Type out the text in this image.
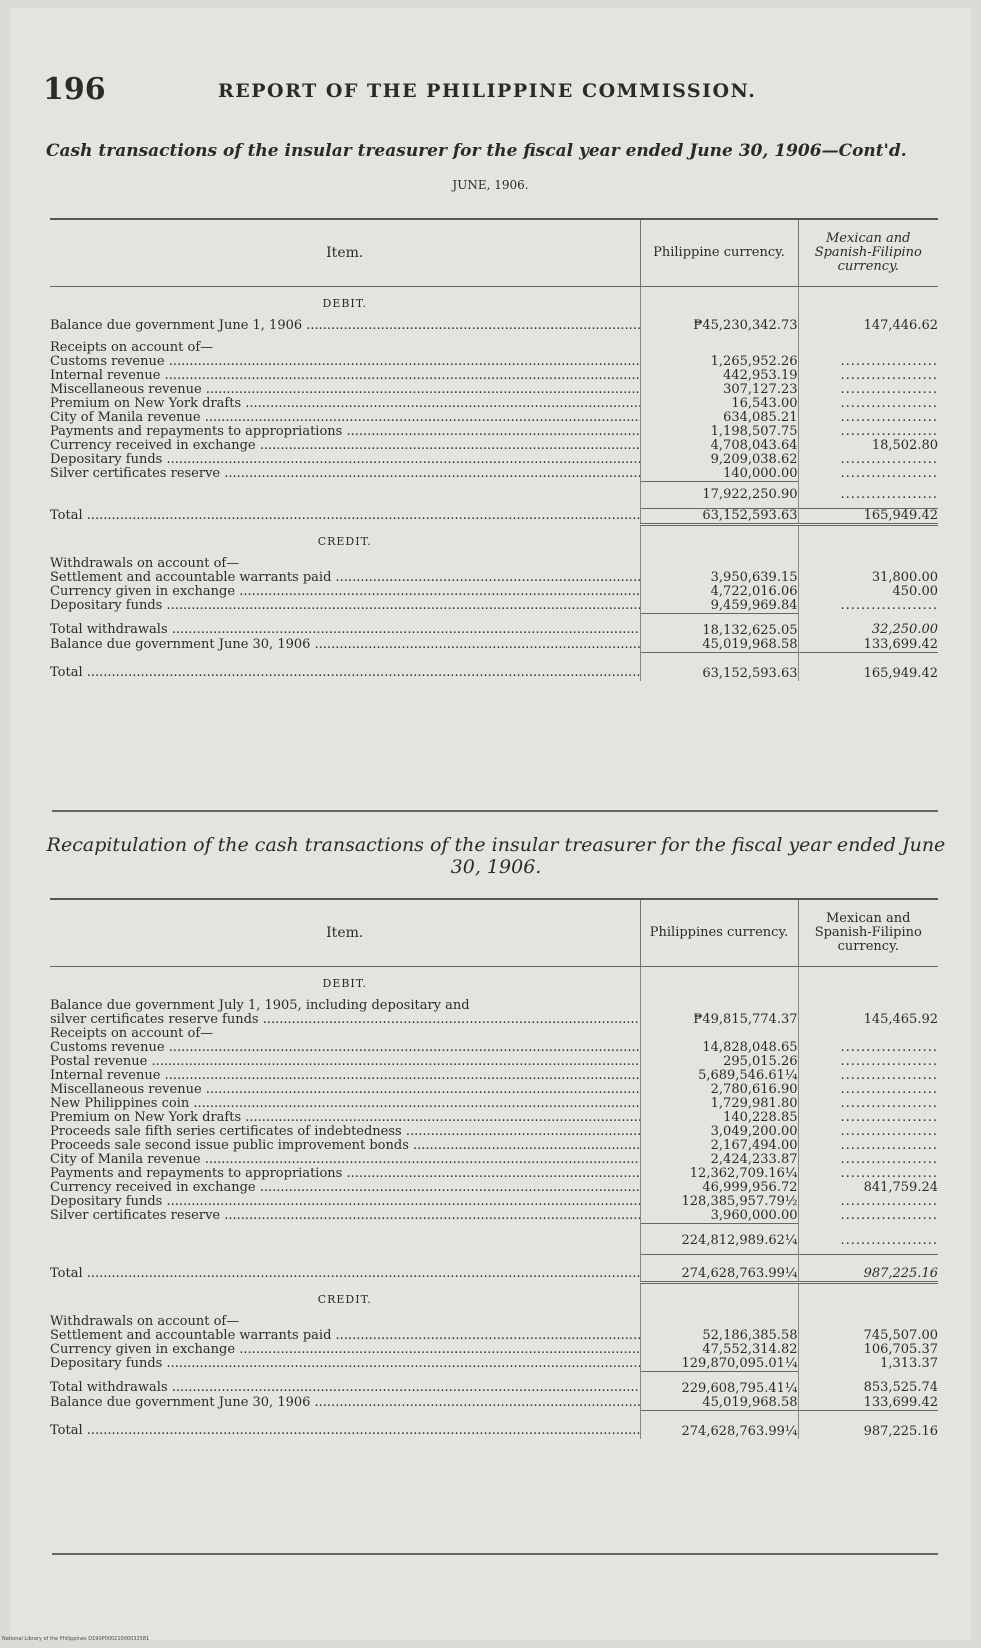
196	REPORT OF THE PHILIPPINE COMMISSION.
Cash transactions of the insular treasurer for the fiscal year ended June 30, 1906—Cont'd.
JUNE, 1906.
Item.	Philippine currency.	Mexican and Spanish-Filipino currency.
DEBIT.		
Balance due government June 1, 1906 .....	₱45,230,342.73	147,446.62

Receipts on account of—		
Customs revenue .....	1,265,952.26	.....
Internal revenue .....	442,953.19	.....
Miscellaneous revenue .....	307,127.23	.....
Premium on New York drafts .....	16,543.00	.....
City of Manila revenue .....	634,085.21	.....
Payments and repayments to appropriations .....	1,198,507.75	.....
Currency received in exchange .....	4,708,043.64	18,502.80
Depositary funds .....	9,209,038.62	.....
Silver certificates reserve .....	140,000.00	.....
	17,922,250.90	.....
Total .....	63,152,593.63	165,949.42
CREDIT.		
Withdrawals on account of—		
Settlement and accountable warrants paid .....	3,950,639.15	31,800.00
Currency given in exchange .....	4,722,016.06	450.00
Depositary funds .....	9,459,969.84	.....
Total withdrawals .....	18,132,625.05	32,250.00
Balance due government June 30, 1906 .....	45,019,968.58	133,699.42
Total .....	63,152,593.63	165,949.42
Recapitulation of the cash transactions of the insular treasurer for the fiscal year ended June 30, 1906.
Item.	Philippines currency.	Mexican and Spanish-Filipino currency.
DEBIT.		
Balance due government July 1, 1905, including depositary and		
silver certificates reserve funds .....	₱49,815,774.37	145,465.92
Receipts on account of—		
Customs revenue .....	14,828,048.65	.....
Postal revenue .....	295,015.26	.....
Internal revenue .....	5,689,546.61¼	.....
Miscellaneous revenue .....	2,780,616.90	.....
New Philippines coin .....	1,729,981.80	.....
Premium on New York drafts .....	140,228.85	.....
Proceeds sale fifth series certificates of indebtedness .....	3,049,200.00	.....
Proceeds sale second issue public improvement bonds .....	2,167,494.00	.....
City of Manila revenue .....	2,424,233.87	.....
Payments and repayments to appropriations .....	12,362,709.16¼	.....
Currency received in exchange .....	46,999,956.72	841,759.24
Depositary funds .....	128,385,957.79½	.....
Silver certificates reserve .....	3,960,000.00	.....
	224,812,989.62¼	.....
Total .....	274,628,763.99¼	987,225.16
CREDIT.		
Withdrawals on account of—		
Settlement and accountable warrants paid .....	52,186,385.58	745,507.00
Currency given in exchange .....	47,552,314.82	106,705.37
Depositary funds .....	129,870,095.01¼	1,313.37
Total withdrawals .....	229,608,795.41¼	853,525.74
Balance due government June 30, 1906 .....	45,019,968.58	133,699.42
Total .....	274,628,763.99¼	987,225.16
National Library of the Philippines D190P00021000032581
